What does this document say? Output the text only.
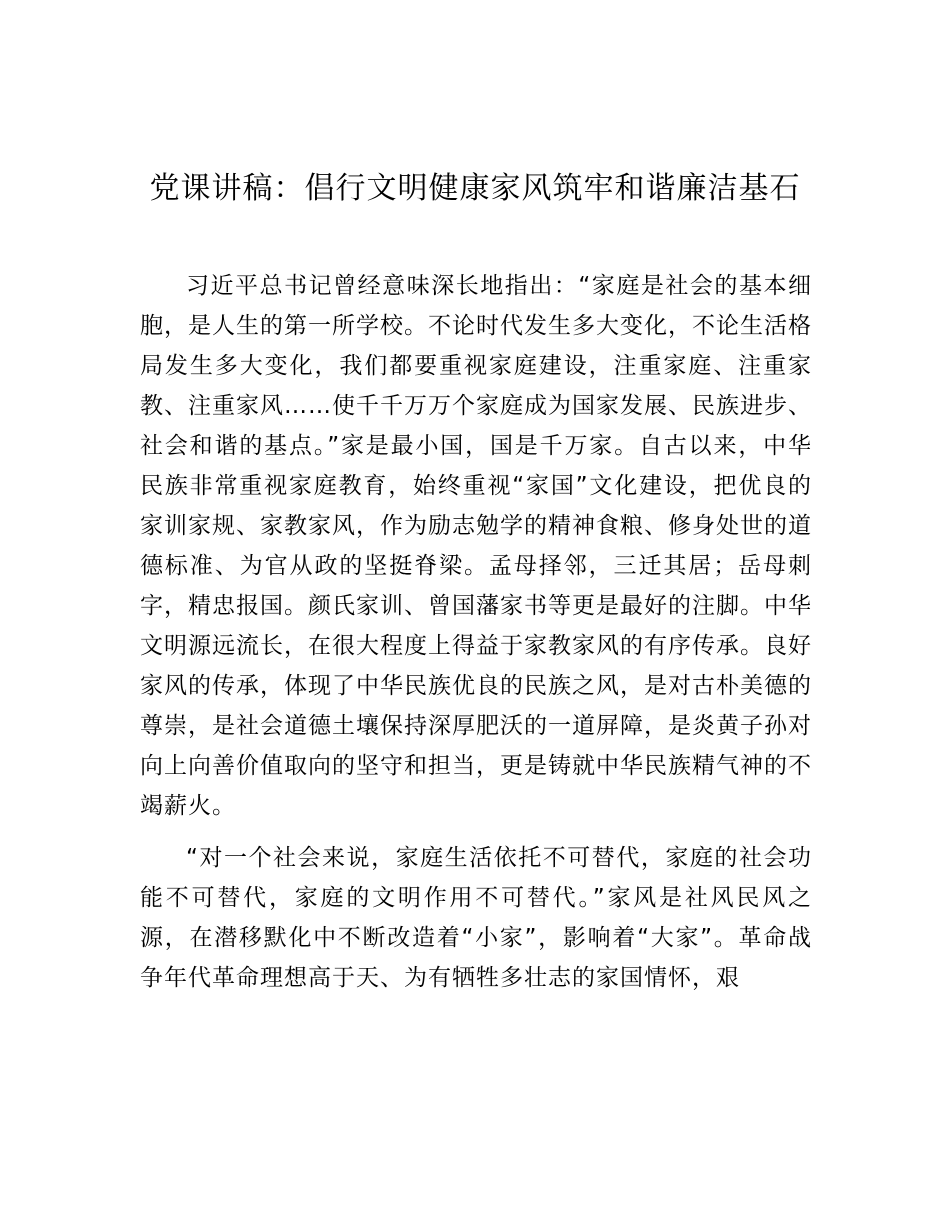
党课讲稿：倡行文明健康家风筑牢和谐廉洁基石

习近平总书记曾经意味深长地指出：“家庭是社会的基本细胞，是人生的第一所学校。不论时代发生多大变化，不论生活格局发生多大变化，我们都要重视家庭建设，注重家庭、注重家教、注重家风……使千千万万个家庭成为国家发展、民族进步、社会和谐的基点。”家是最小国，国是千万家。自古以来，中华民族非常重视家庭教育，始终重视“家国”文化建设，把优良的家训家规、家教家风，作为励志勉学的精神食粮、修身处世的道德标准、为官从政的坚挺脊梁。孟母择邻，三迁其居；岳母刺字，精忠报国。颜氏家训、曾国藩家书等更是最好的注脚。中华文明源远流长，在很大程度上得益于家教家风的有序传承。良好家风的传承，体现了中华民族优良的民族之风，是对古朴美德的尊崇，是社会道德土壤保持深厚肥沃的一道屏障，是炎黄子孙对向上向善价值取向的坚守和担当，更是铸就中华民族精气神的不竭薪火。

“对一个社会来说，家庭生活依托不可替代，家庭的社会功能不可替代，家庭的文明作用不可替代。”家风是社风民风之源，在潜移默化中不断改造着“小家”，影响着“大家”。革命战争年代革命理想高于天、为有牺牲多壮志的家国情怀，艰
